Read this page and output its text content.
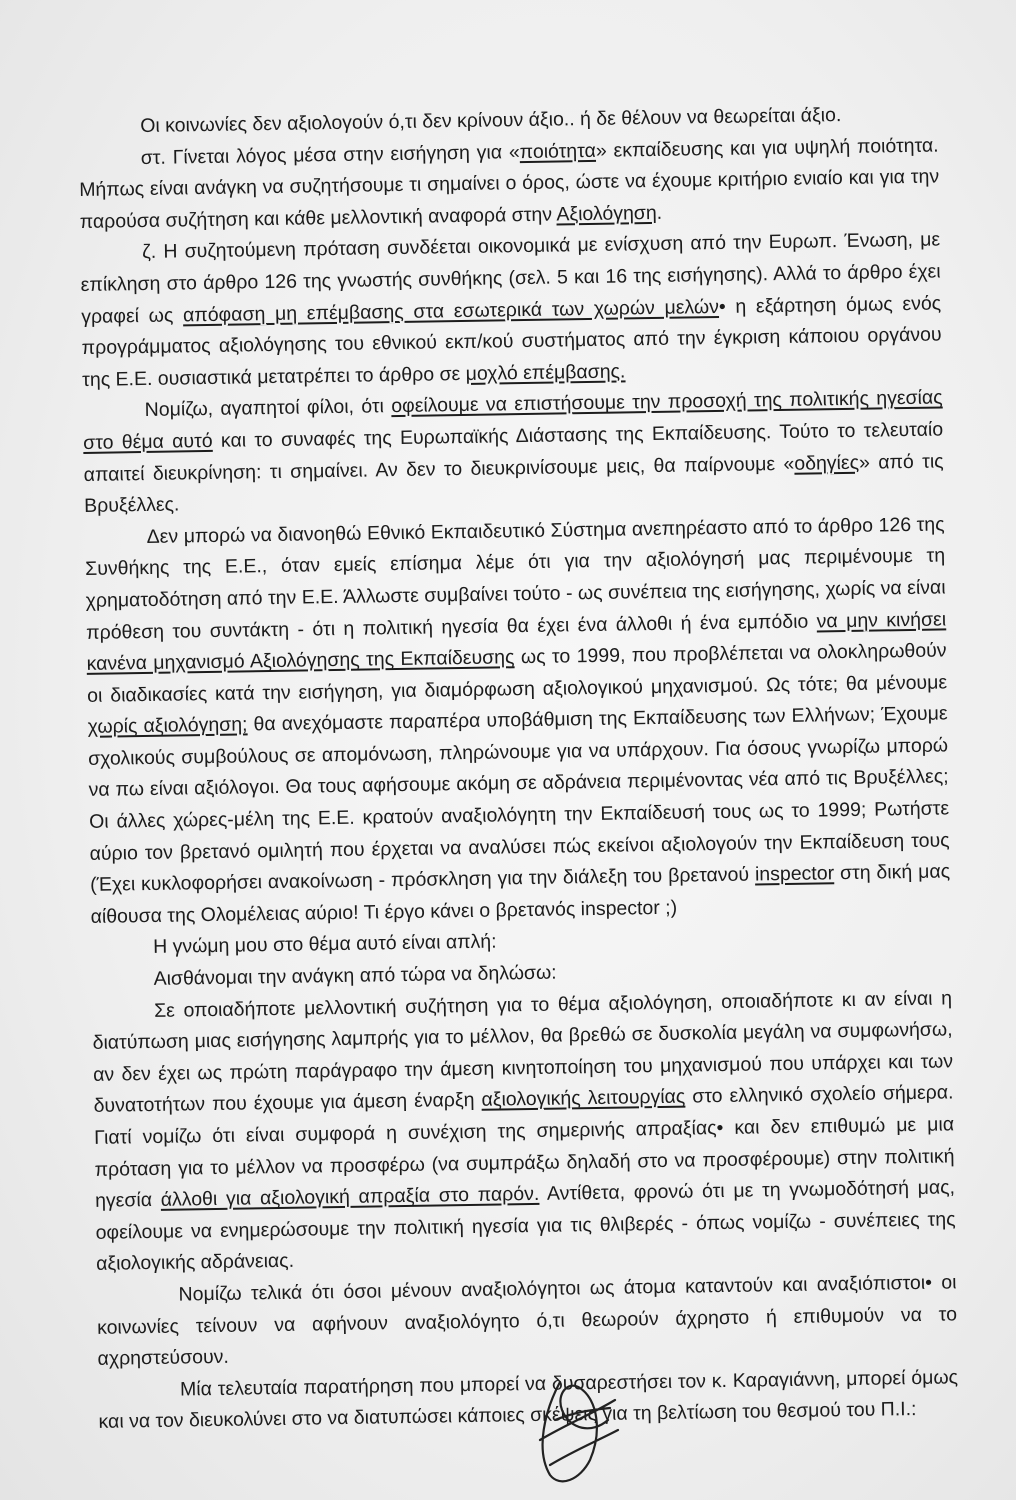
Οι κοινωνίες δεν αξιολογούν ό,τι δεν κρίνουν άξιο.. ή δε θέλουν να θεωρείται άξιο.

στ. Γίνεται λόγος μέσα στην εισήγηση για «ποιότητα» εκπαίδευσης και για υψηλή ποιότητα. Μήπως είναι ανάγκη να συζητήσουμε τι σημαίνει ο όρος, ώστε να έχουμε κριτήριο ενιαίο και για την παρούσα συζήτηση και κάθε μελλοντική αναφορά στην Αξιολόγηση.

ζ. Η συζητούμενη πρόταση συνδέεται οικονομικά με ενίσχυση από την Ευρωπ. Ένωση, με επίκληση στο άρθρο 126 της γνωστής συνθήκης (σελ. 5 και 16 της εισήγησης). Αλλά το άρθρο έχει γραφεί ως απόφαση μη επέμβασης στα εσωτερικά των χωρών μελών• η εξάρτηση όμως ενός προγράμματος αξιολόγησης του εθνικού εκπ/κού συστήματος από την έγκριση κάποιου οργάνου της Ε.Ε. ουσιαστικά μετατρέπει το άρθρο σε μοχλό επέμβασης.

Νομίζω, αγαπητοί φίλοι, ότι οφείλουμε να επιστήσουμε την προσοχή της πολιτικής ηγεσίας στο θέμα αυτό και το συναφές της Ευρωπαϊκής Διάστασης της Εκπαίδευσης. Τούτο το τελευταίο απαιτεί διευκρίνηση: τι σημαίνει. Αν δεν το διευκρινίσουμε μεις, θα παίρνουμε «οδηγίες» από τις Βρυξέλλες.

Δεν μπορώ να διανοηθώ Εθνικό Εκπαιδευτικό Σύστημα ανεπηρέαστο από το άρθρο 126 της Συνθήκης της Ε.Ε., όταν εμείς επίσημα λέμε ότι για την αξιολόγησή μας περιμένουμε τη χρηματοδότηση από την Ε.Ε. Άλλωστε συμβαίνει τούτο - ως συνέπεια της εισήγησης, χωρίς να είναι πρόθεση του συντάκτη - ότι η πολιτική ηγεσία θα έχει ένα άλλοθι ή ένα εμπόδιο να μην κινήσει κανένα μηχανισμό Αξιολόγησης της Εκπαίδευσης ως το 1999, που προβλέπεται να ολοκληρωθούν οι διαδικασίες κατά την εισήγηση, για διαμόρφωση αξιολογικού μηχανισμού. Ως τότε; θα μένουμε χωρίς αξιολόγηση; θα ανεχόμαστε παραπέρα υποβάθμιση της Εκπαίδευσης των Ελλήνων; Έχουμε σχολικούς συμβούλους σε απομόνωση, πληρώνουμε για να υπάρχουν. Για όσους γνωρίζω μπορώ να πω είναι αξιόλογοι. Θα τους αφήσουμε ακόμη σε αδράνεια περιμένοντας νέα από τις Βρυξέλλες; Οι άλλες χώρες-μέλη της Ε.Ε. κρατούν αναξιολόγητη την Εκπαίδευσή τους ως το 1999; Ρωτήστε αύριο τον βρετανό ομιλητή που έρχεται να αναλύσει πώς εκείνοι αξιολογούν την Εκπαίδευση τους (Έχει κυκλοφορήσει ανακοίνωση - πρόσκληση για την διάλεξη του βρετανού inspector στη δική μας αίθουσα της Ολομέλειας αύριο! Τι έργο κάνει ο βρετανός inspector ;)

Η γνώμη μου στο θέμα αυτό είναι απλή:

Αισθάνομαι την ανάγκη από τώρα να δηλώσω:

Σε οποιαδήποτε μελλοντική συζήτηση για το θέμα αξιολόγηση, οποιαδήποτε κι αν είναι η διατύπωση μιας εισήγησης λαμπρής για το μέλλον, θα βρεθώ σε δυσκολία μεγάλη να συμφωνήσω, αν δεν έχει ως πρώτη παράγραφο την άμεση κινητοποίηση του μηχανισμού που υπάρχει και των δυνατοτήτων που έχουμε για άμεση έναρξη αξιολογικής λειτουργίας στο ελληνικό σχολείο σήμερα. Γιατί νομίζω ότι είναι συμφορά η συνέχιση της σημερινής απραξίας• και δεν επιθυμώ με μια πρόταση για το μέλλον να προσφέρω (να συμπράξω δηλαδή στο να προσφέρουμε) στην πολιτική ηγεσία άλλοθι για αξιολογική απραξία στο παρόν. Αντίθετα, φρονώ ότι με τη γνωμοδότησή μας, οφείλουμε να ενημερώσουμε την πολιτική ηγεσία για τις θλιβερές - όπως νομίζω - συνέπειες της αξιολογικής αδράνειας.

Νομίζω τελικά ότι όσοι μένουν αναξιολόγητοι ως άτομα καταντούν και αναξιόπιστοι• οι κοινωνίες τείνουν να αφήνουν αναξιολόγητο ό,τι θεωρούν άχρηστο ή επιθυμούν να το αχρηστεύσουν.

Μία τελευταία παρατήρηση που μπορεί να δυσαρεστήσει τον κ. Καραγιάννη, μπορεί όμως και να τον διευκολύνει στο να διατυπώσει κάποιες σκέψεις για τη βελτίωση του θεσμού του Π.Ι.:
